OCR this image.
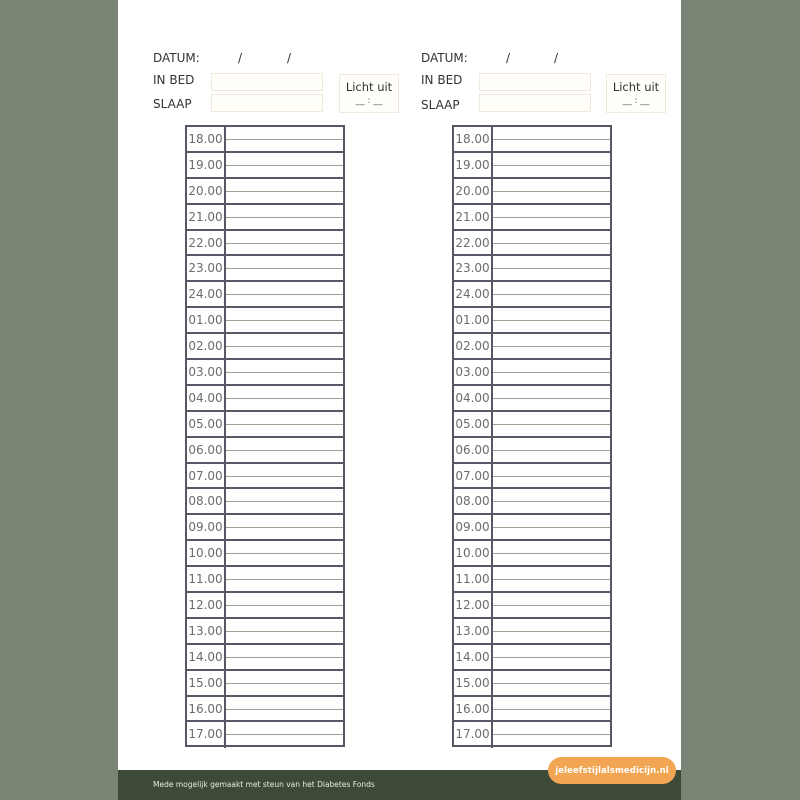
DATUM:	/	/
IN BED
SLAAP
Licht uit
__ : __
DATUM:	/	/
IN BED
SLAAP
Licht uit
__ : __
18.00
19.00
20.00
21.00
22.00
23.00
24.00
01.00
02.00
03.00
04.00
05.00
06.00
07.00
08.00
09.00
10.00
11.00
12.00
13.00
14.00
15.00
16.00
17.00
18.00
19.00
20.00
21.00
22.00
23.00
24.00
01.00
02.00
03.00
04.00
05.00
06.00
07.00
08.00
09.00
10.00
11.00
12.00
13.00
14.00
15.00
16.00
17.00
Mede mogelijk gemaakt met steun van het Diabetes Fonds
jeleefstijlalsmedicijn.nl
